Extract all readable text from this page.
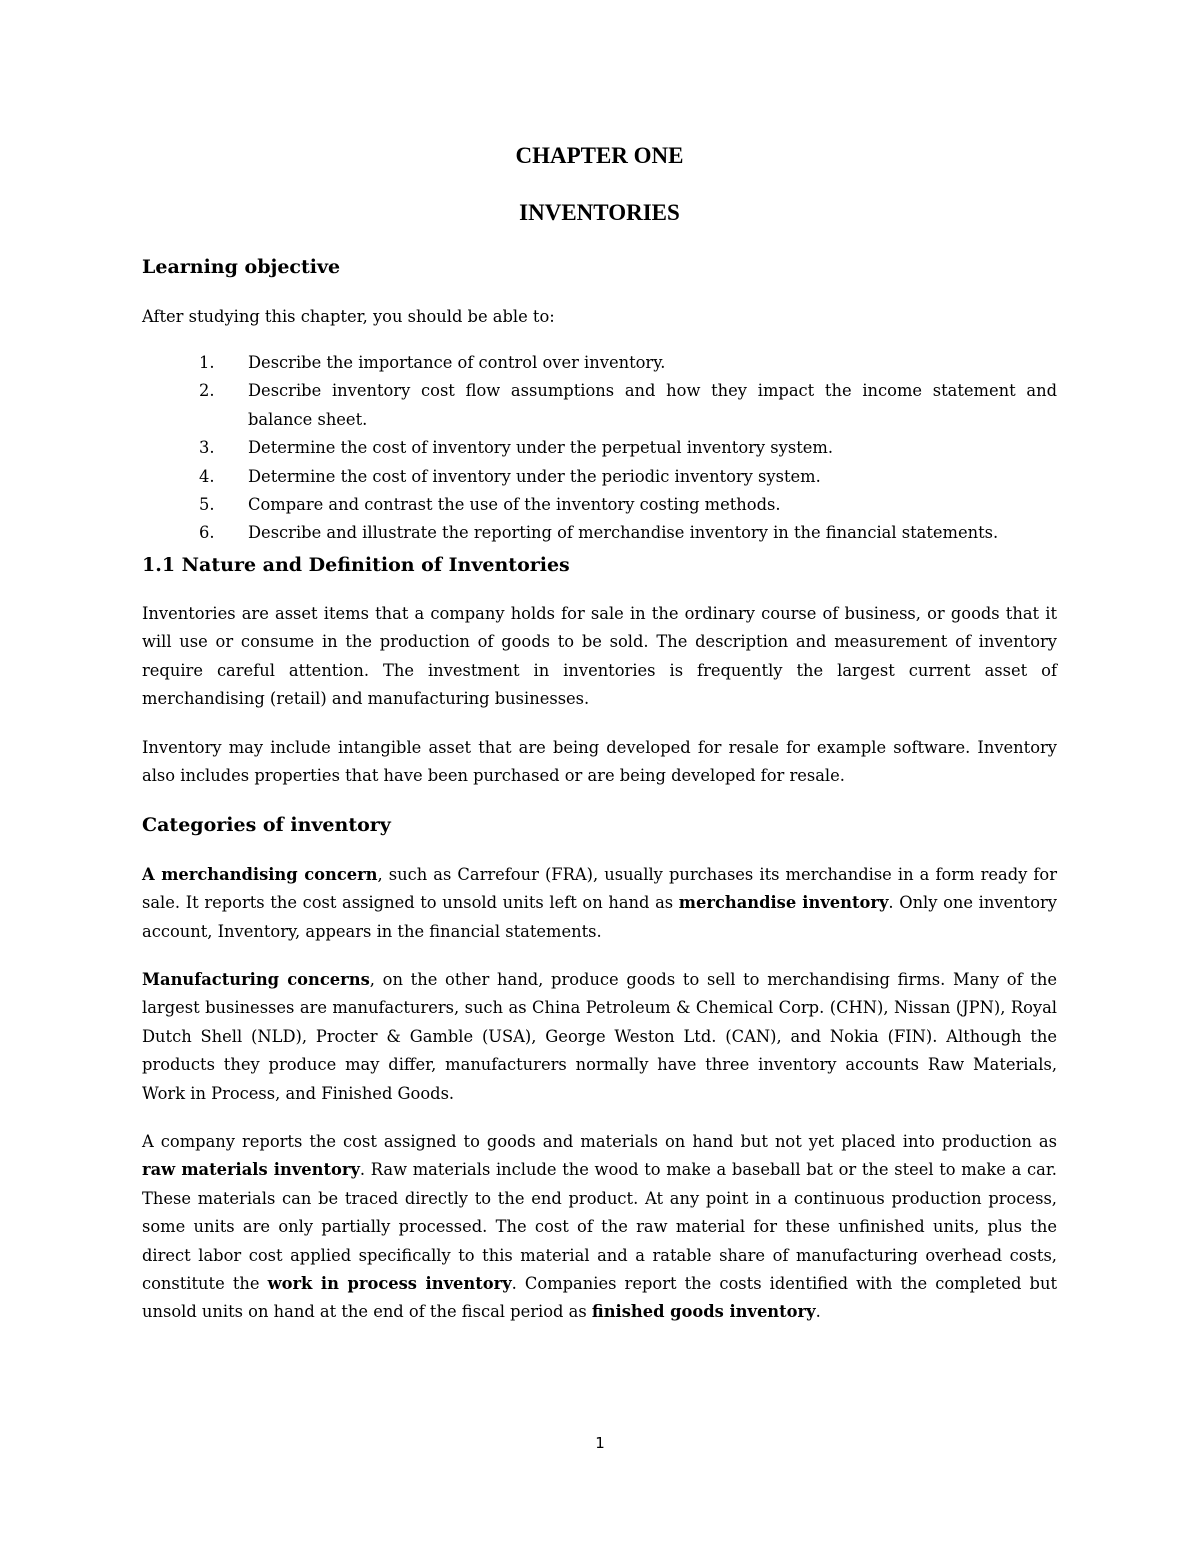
CHAPTER ONE
INVENTORIES
Learning objective

After studying this chapter, you should be able to:

1. Describe the importance of control over inventory.
2. Describe inventory cost flow assumptions and how they impact the income statement and balance sheet.
3. Determine the cost of inventory under the perpetual inventory system.
4. Determine the cost of inventory under the periodic inventory system.
5. Compare and contrast the use of the inventory costing methods.
6. Describe and illustrate the reporting of merchandise inventory in the financial statements.
1.1 Nature and Definition of Inventories

Inventories are asset items that a company holds for sale in the ordinary course of business, or goods that it will use or consume in the production of goods to be sold. The description and measurement of inventory require careful attention. The investment in inventories is frequently the largest current asset of merchandising (retail) and manufacturing businesses.

Inventory may include intangible asset that are being developed for resale for example software. Inventory also includes properties that have been purchased or are being developed for resale.

Categories of inventory

A merchandising concern, such as Carrefour (FRA), usually purchases its merchandise in a form ready for sale. It reports the cost assigned to unsold units left on hand as merchandise inventory. Only one inventory account, Inventory, appears in the financial statements.

Manufacturing concerns, on the other hand, produce goods to sell to merchandising firms. Many of the largest businesses are manufacturers, such as China Petroleum & Chemical Corp. (CHN), Nissan (JPN), Royal Dutch Shell (NLD), Procter & Gamble (USA), George Weston Ltd. (CAN), and Nokia (FIN). Although the products they produce may differ, manufacturers normally have three inventory accounts Raw Materials, Work in Process, and Finished Goods.

A company reports the cost assigned to goods and materials on hand but not yet placed into production as raw materials inventory. Raw materials include the wood to make a baseball bat or the steel to make a car. These materials can be traced directly to the end product. At any point in a continuous production process, some units are only partially processed. The cost of the raw material for these unfinished units, plus the direct labor cost applied specifically to this material and a ratable share of manufacturing overhead costs, constitute the work in process inventory. Companies report the costs identified with the completed but unsold units on hand at the end of the fiscal period as finished goods inventory.

1
